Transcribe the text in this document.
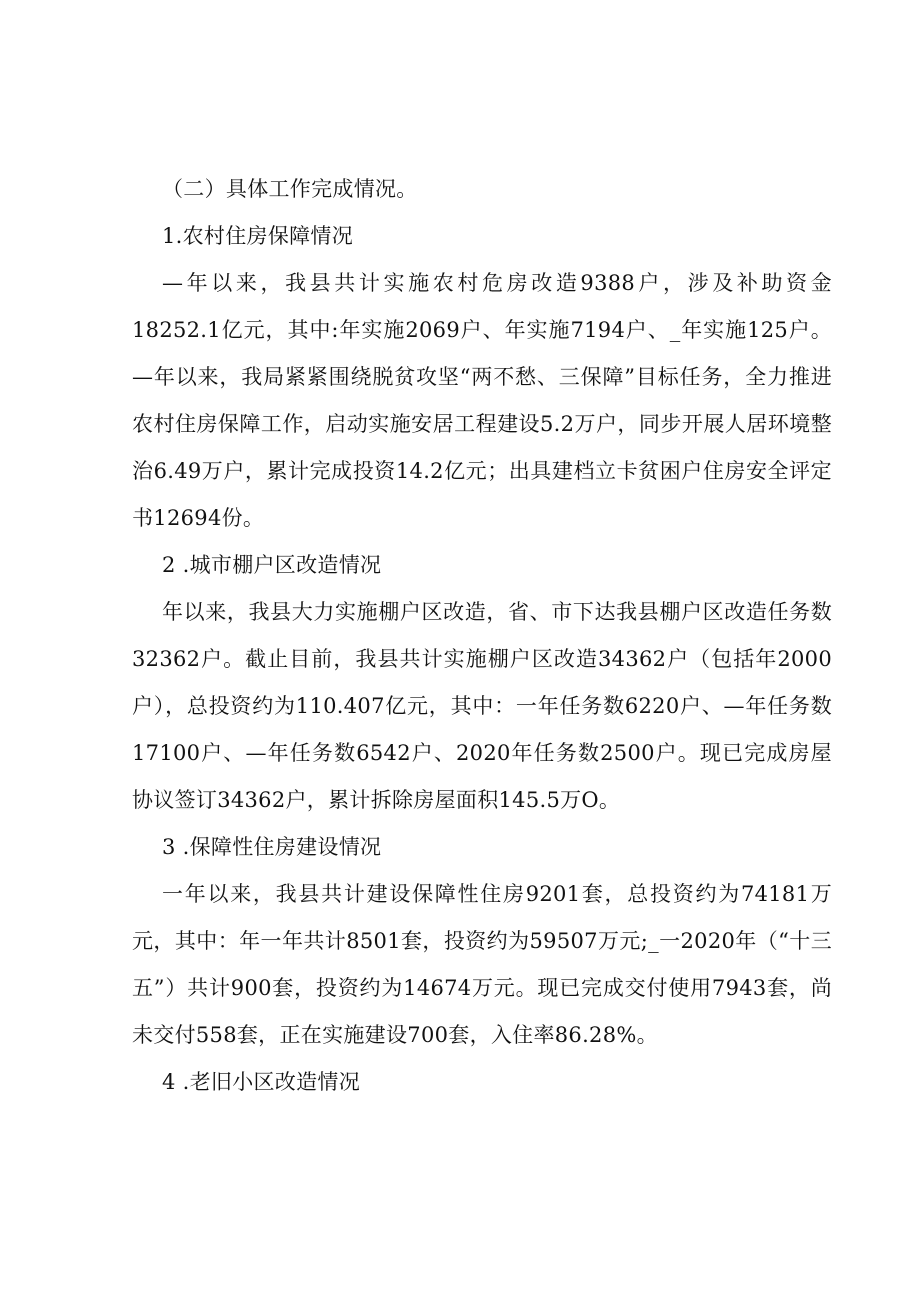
（二）具体工作完成情况。

1.农村住房保障情况

—年以来，我县共计实施农村危房改造9388户，涉及补助资金18252.1亿元，其中:年实施2069户、年实施7194户、_年实施125户。—年以来，我局紧紧围绕脱贫攻坚“两不愁、三保障”目标任务，全力推进农村住房保障工作，启动实施安居工程建设5.2万户，同步开展人居环境整治6.49万户，累计完成投资14.2亿元；出具建档立卡贫困户住房安全评定书12694份。

2 .城市棚户区改造情况

年以来，我县大力实施棚户区改造，省、市下达我县棚户区改造任务数32362户。截止目前，我县共计实施棚户区改造34362户（包括年2000户），总投资约为110.407亿元，其中：一年任务数6220户、—年任务数17100户、—年任务数6542户、2020年任务数2500户。现已完成房屋协议签订34362户，累计拆除房屋面积145.5万O。

3 .保障性住房建设情况

一年以来，我县共计建设保障性住房9201套，总投资约为74181万元，其中：年一年共计8501套，投资约为59507万元;_一2020年（“十三五”）共计900套，投资约为14674万元。现已完成交付使用7943套，尚未交付558套，正在实施建设700套，入住率86.28%。

4 .老旧小区改造情况
